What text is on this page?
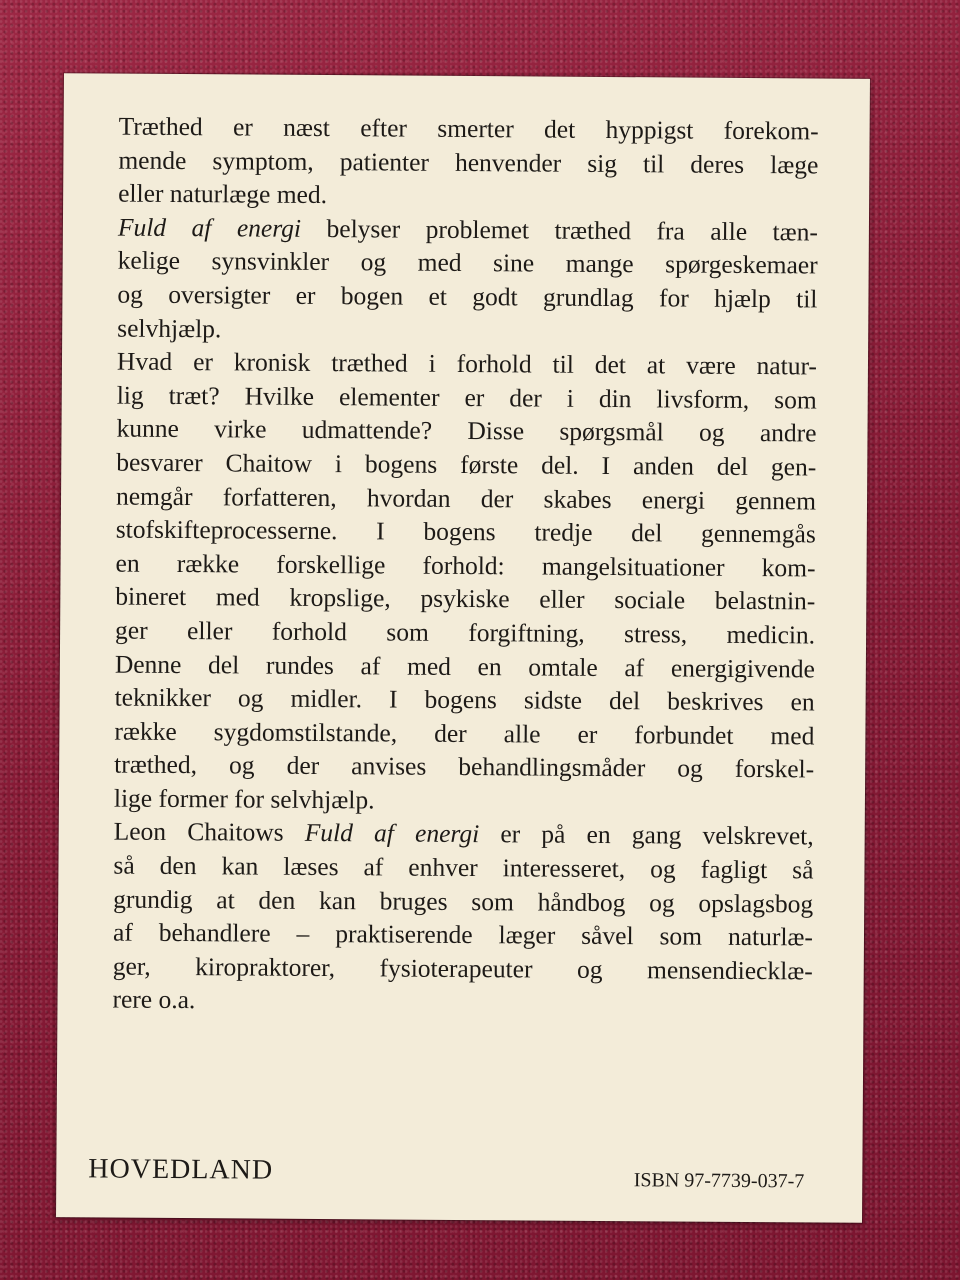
Træthed er næst efter smerter det hyppigst forekom-
mende symptom, patienter henvender sig til deres læge
eller naturlæge med.
Fuld af energi belyser problemet træthed fra alle tæn-
kelige synsvinkler og med sine mange spørgeskemaer
og oversigter er bogen et godt grundlag for hjælp til
selvhjælp.
Hvad er kronisk træthed i forhold til det at være natur-
lig træt? Hvilke elementer er der i din livsform, som
kunne virke udmattende? Disse spørgsmål og andre
besvarer Chaitow i bogens første del. I anden del gen-
nemgår forfatteren, hvordan der skabes energi gennem
stofskifteprocesserne. I bogens tredje del gennemgås
en række forskellige forhold: mangelsituationer kom-
bineret med kropslige, psykiske eller sociale belastnin-
ger eller forhold som forgiftning, stress, medicin.
Denne del rundes af med en omtale af energigivende
teknikker og midler. I bogens sidste del beskrives en
række sygdomstilstande, der alle er forbundet med
træthed, og der anvises behandlingsmåder og forskel-
lige former for selvhjælp.
Leon Chaitows Fuld af energi er på en gang velskrevet,
så den kan læses af enhver interesseret, og fagligt så
grundig at den kan bruges som håndbog og opslagsbog
af behandlere – praktiserende læger såvel som naturlæ-
ger, kiropraktorer, fysioterapeuter og mensendiecklæ-
rere o.a.

HOVEDLAND	ISBN 97-7739-037-7
